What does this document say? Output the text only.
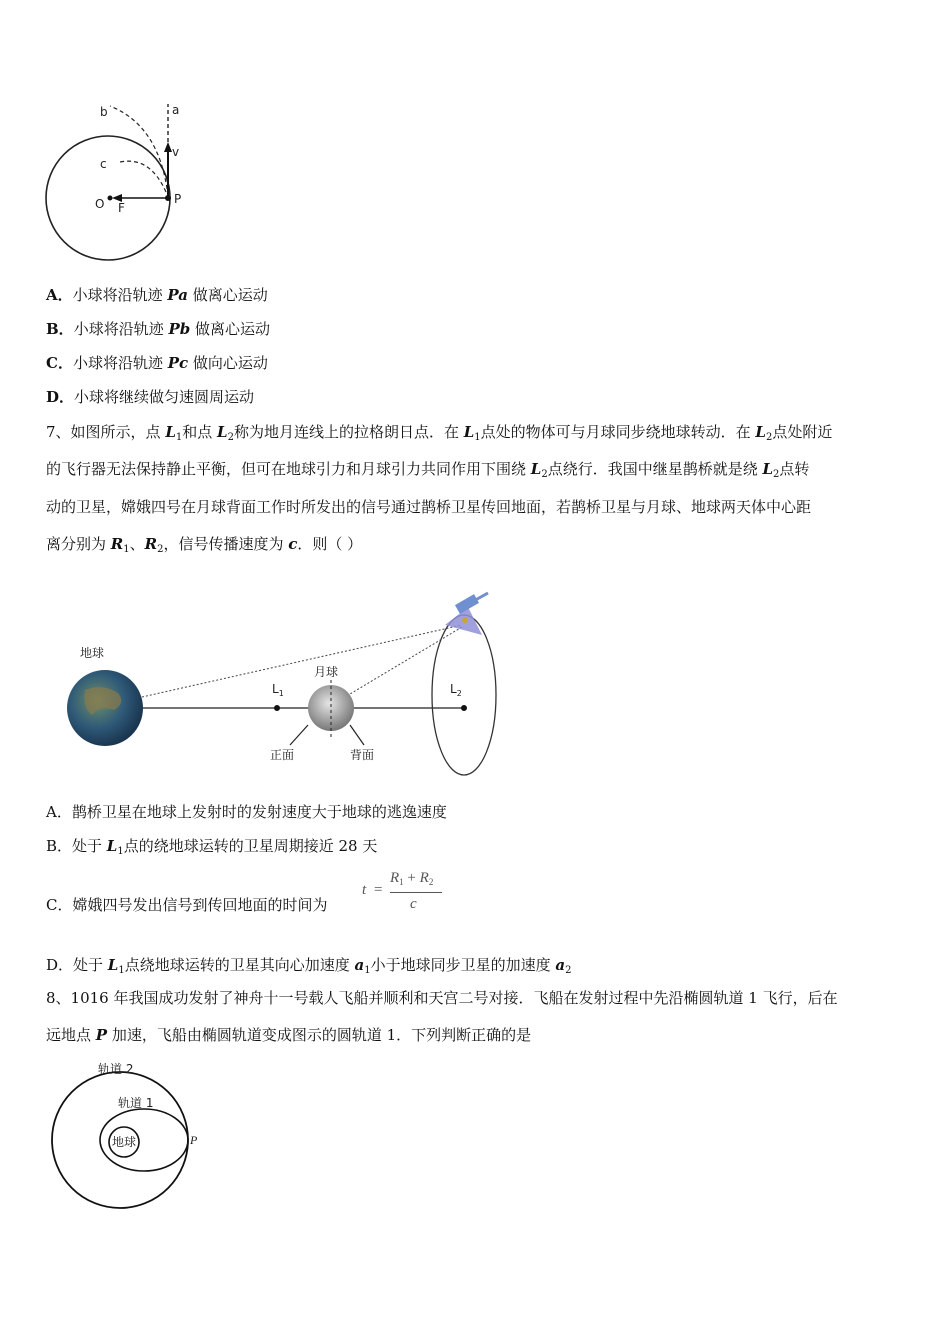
a
b
c
v
O F
P
A．小球将沿轨迹 Pa 做离心运动
B．小球将沿轨迹 Pb 做离心运动
C．小球将沿轨迹 Pc 做向心运动
D．小球将继续做匀速圆周运动
7、如图所示，点 $L_1$和点 $L_2$称为地月连线上的拉格朗日点．在 $L_1$点处的物体可与月球同步绕地球转动．在 $L_2$点处附近
的飞行器无法保持静止平衡，但可在地球引力和月球引力共同作用下围绕 $L_2$点绕行．我国中继星鹊桥就是绕 $L_2$点转
动的卫星，嫦娥四号在月球背面工作时所发出的信号通过鹊桥卫星传回地面，若鹊桥卫星与月球、地球两天体中心距
离分别为 $R_1$、$R_2$，信号传播速度为 c．则（ ）
地球
$L_1$
月球
正面	背面
$L_2$
A．鹊桥卫星在地球上发射时的发射速度大于地球的逃逸速度
B．处于 $L_1$点的绕地球运转的卫星周期接近 28 天
C．嫦娥四号发出信号到传回地面的时间为
t =
$R_1 + R_2$
c
D．处于 $L_1$点绕地球运转的卫星其向心加速度 $a_1$小于地球同步卫星的加速度 $a_2$
8、1016 年我国成功发射了神舟十一号载人飞船并顺利和天宫二号对接．飞船在发射过程中先沿椭圆轨道 1 飞行，后在
远地点 P 加速，飞船由椭圆轨道变成图示的圆轨道 1．下列判断正确的是
轨道 2
轨道 1
地球	P
